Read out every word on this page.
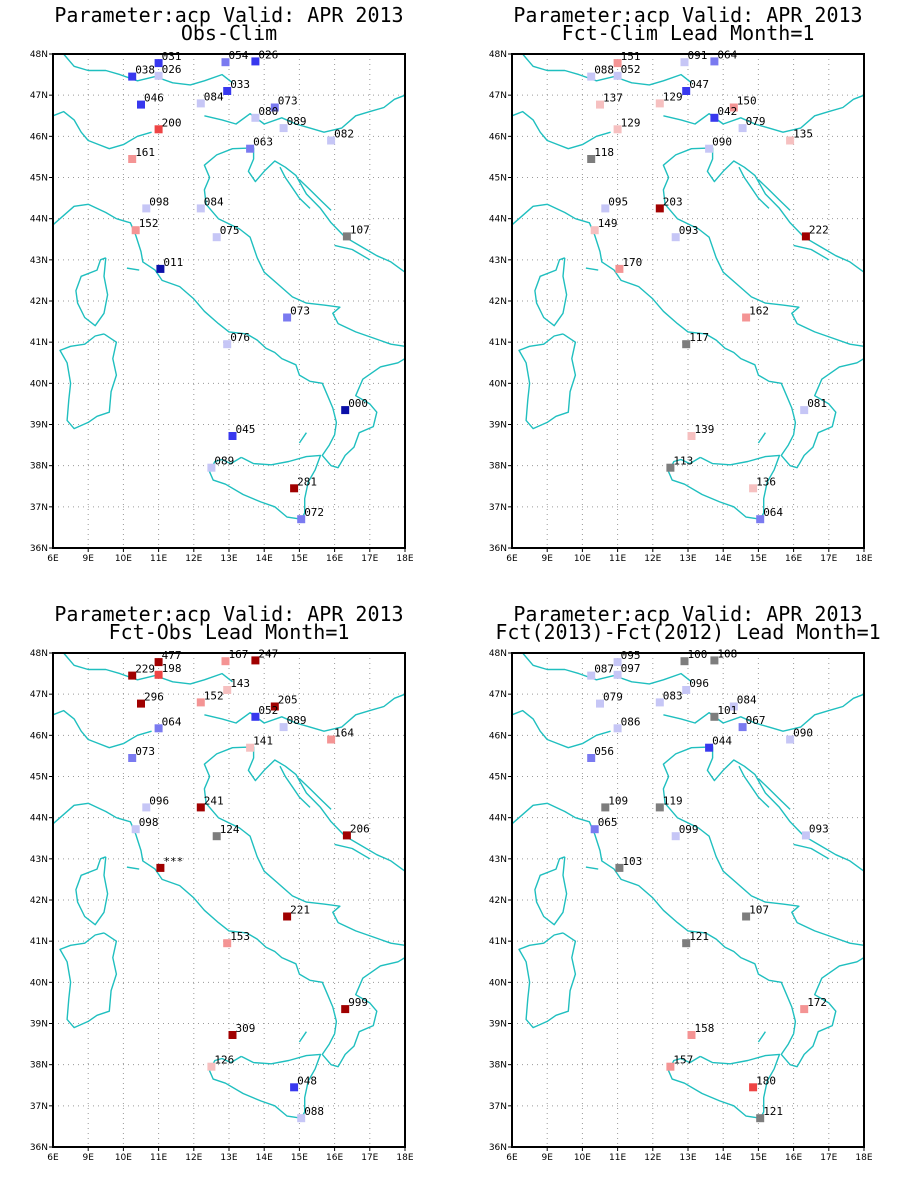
Parameter:acp Valid: APR 2013
Obs-Clim
36N
37N
38N
39N
40N
41N
42N
43N
44N
45N
46N
47N
48N
6E	9E 10E 11E 12E 13E 14E 15E 16E 17E 18E
031	054 026
038 026
033
046	084	073
080
089
200
082
063
161
098	084
152
075	107
011
073
076
000
045
089
281
072
Parameter:acp Valid: APR 2013
Fct-Clim Lead Month=1
36N
37N
38N
39N
40N
41N
42N
43N
44N
45N
46N
47N
48N
6E	9E 10E 11E 12E 13E 14E 15E 16E 17E 18E
151	091 064
088 052
047
137	129	150
042
079
129
135
090
118
095	203
149
093	222
170
162
117
081
139
113
136
064
Parameter:acp Valid: APR 2013
Fct-Obs Lead Month=1
36N
37N
38N
39N
40N
41N
42N
43N
44N
45N
46N
47N
48N
6E	9E 10E 11E 12E 13E 14E 15E 16E 17E 18E
477	167 247
229 198
143
296	152	205
052
089
064
164
141
073
096	241
098
124	206
***
221
153
999
309
126
048
088
Parameter:acp Valid: APR 2013
Fct(2013)-Fct(2012) Lead Month=1
36N
37N
38N
39N
40N
41N
42N
43N
44N
45N
46N
47N
48N
6E	9E 10E 11E 12E 13E 14E 15E 16E 17E 18E
095	100 108
087 097
096
079	083	084
101
067
086
090
044
056
109	119
065
099	093
103
107
121
172
158
157
180
121
